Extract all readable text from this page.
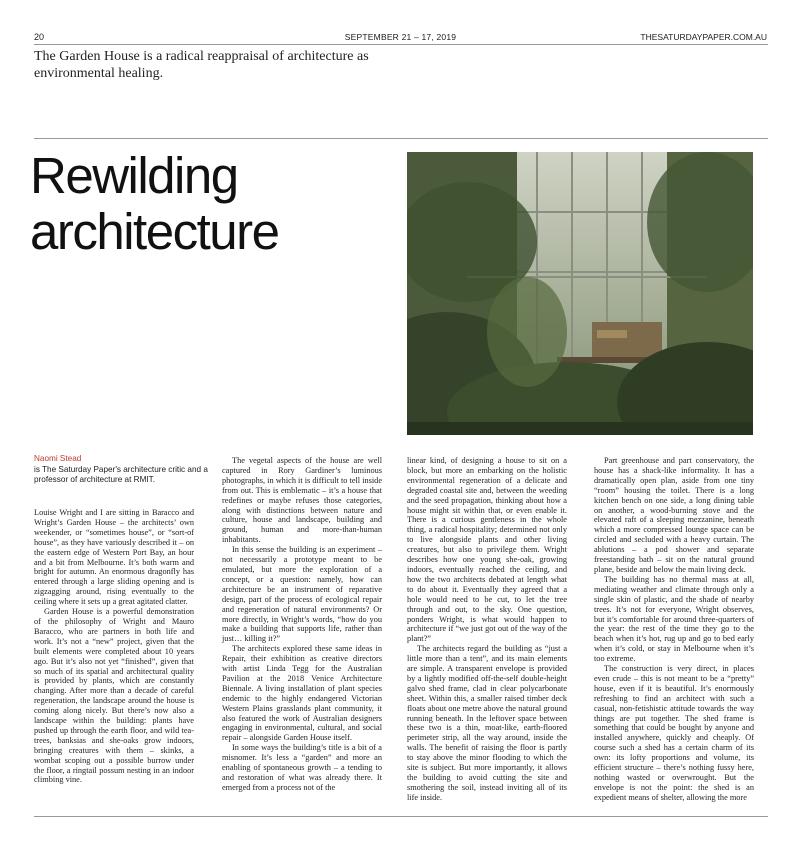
20	SEPTEMBER 21 – 17, 2019	THESATURDAYPAPER.COM.AU

The Garden House is a radical reappraisal of architecture as environmental healing.

Rewilding architecture
Naomi Stead
is The Saturday Paper's architecture critic and a professor of architecture at RMIT.

Louise Wright and I are sitting in Baracco and Wright’s Garden House – the architects’ own weekender, or “sometimes house”, or “sort-of house”, as they have variously described it – on the eastern edge of Western Port Bay, an hour and a bit from Melbourne. It’s both warm and bright for autumn. An enormous dragonfly has entered through a large sliding opening and is zigzagging around, rising eventually to the ceiling where it sets up a great agitated clatter.

Garden House is a powerful demonstration of the philosophy of Wright and Mauro Baracco, who are partners in both life and work. It’s not a “new” project, given that the built elements were completed about 10 years ago. But it’s also not yet “finished”, given that so much of its spatial and architectural quality is provided by plants, which are constantly changing. After more than a decade of careful regeneration, the landscape around the house is coming along nicely. But there’s now also a landscape within the building: plants have pushed up through the earth floor, and wild tea-trees, banksias and she-oaks grow indoors, bringing creatures with them – skinks, a wombat scoping out a possible burrow under the floor, a ringtail possum nesting in an indoor climbing vine.

The vegetal aspects of the house are well captured in Rory Gardiner’s luminous photographs, in which it is difficult to tell inside from out. This is emblematic – it’s a house that redefines or maybe refuses those categories, along with distinctions between nature and culture, house and landscape, building and ground, human and more-than-human inhabitants.

In this sense the building is an experiment – not necessarily a prototype meant to be emulated, but more the exploration of a concept, or a question: namely, how can architecture be an instrument of reparative design, part of the process of ecological repair and regeneration of natural environments? Or more directly, in Wright’s words, “how do you make a building that supports life, rather than just… killing it?”

The architects explored these same ideas in Repair, their exhibition as creative directors with artist Linda Tegg for the Australian Pavilion at the 2018 Venice Architecture Biennale. A living installation of plant species endemic to the highly endangered Victorian Western Plains grasslands plant community, it also featured the work of Australian designers engaging in environmental, cultural, and social repair – alongside Garden House itself.

In some ways the building’s title is a bit of a misnomer. It’s less a “garden” and more an enabling of spontaneous growth – a tending to and restoration of what was already there. It emerged from a process not of the

linear kind, of designing a house to sit on a block, but more an embarking on the holistic environmental regeneration of a delicate and degraded coastal site and, between the weeding and the seed propagation, thinking about how a house might sit within that, or even enable it. There is a curious gentleness in the whole thing, a radical hospitality; determined not only to live alongside plants and other living creatures, but also to privilege them. Wright describes how one young she-oak, growing indoors, eventually reached the ceiling, and how the two architects debated at length what to do about it. Eventually they agreed that a hole would need to be cut, to let the tree through and out, to the sky. One question, ponders Wright, is what would happen to architecture if “we just got out of the way of the plant?”

The architects regard the building as “just a little more than a tent”, and its main elements are simple. A transparent envelope is provided by a lightly modified off-the-self double-height galvo shed frame, clad in clear polycarbonate sheet. Within this, a smaller raised timber deck floats about one metre above the natural ground running beneath. In the leftover space between these two is a thin, moat-like, earth-floored perimeter strip, all the way around, inside the walls. The benefit of raising the floor is partly to stay above the minor flooding to which the site is subject. But more importantly, it allows the building to avoid cutting the site and smothering the soil, instead inviting all of its life inside.

Part greenhouse and part conservatory, the house has a shack-like informality. It has a dramatically open plan, aside from one tiny “room” housing the toilet. There is a long kitchen bench on one side, a long dining table on another, a wood-burning stove and the elevated raft of a sleeping mezzanine, beneath which a more compressed lounge space can be circled and secluded with a heavy curtain. The ablutions – a pod shower and separate freestanding bath – sit on the natural ground plane, beside and below the main living deck.

The building has no thermal mass at all, mediating weather and climate through only a single skin of plastic, and the shade of nearby trees. It’s not for everyone, Wright observes, but it’s comfortable for around three-quarters of the year: the rest of the time they go to the beach when it’s hot, rug up and go to bed early when it’s cold, or stay in Melbourne when it’s too extreme.

The construction is very direct, in places even crude – this is not meant to be a “pretty” house, even if it is beautiful. It’s enormously refreshing to find an architect with such a casual, non-fetishistic attitude towards the way things are put together. The shed frame is something that could be bought by anyone and installed anywhere, quickly and cheaply. Of course such a shed has a certain charm of its own: its lofty proportions and volume, its efficient structure – there’s nothing fussy here, nothing wasted or overwrought. But the envelope is not the point: the shed is an expedient means of shelter, allowing the more
